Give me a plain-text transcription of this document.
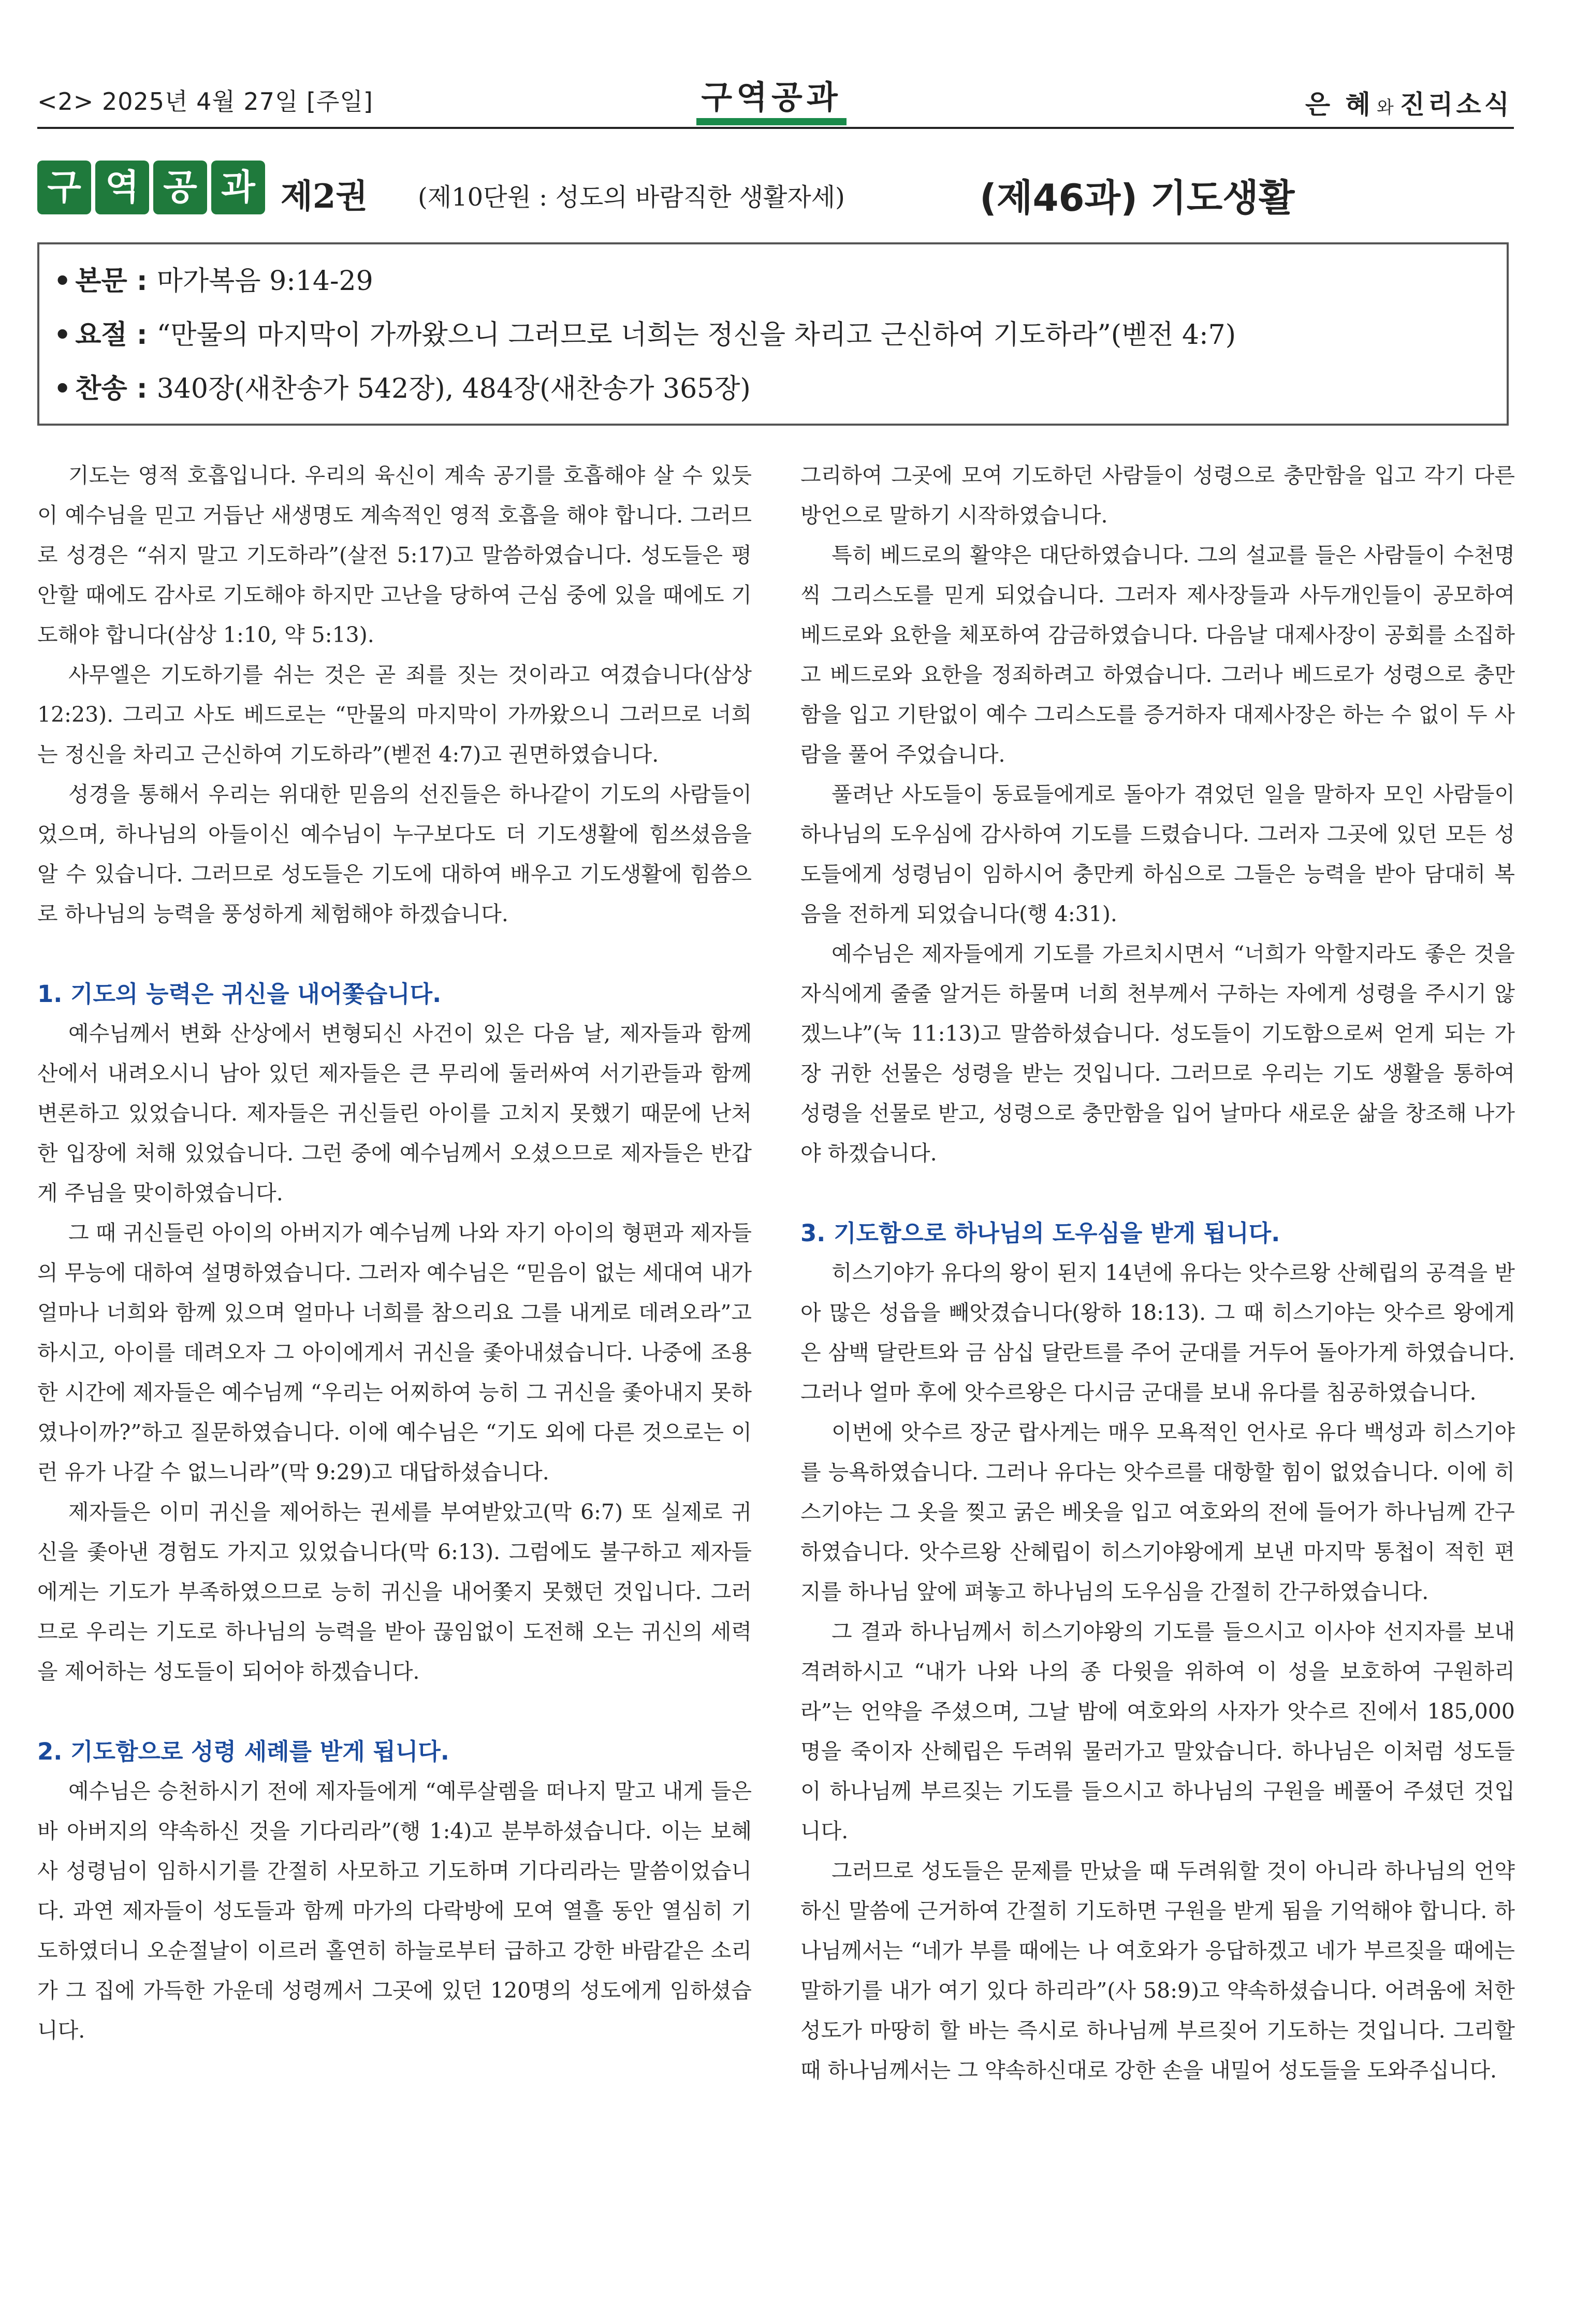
<2> 2025년 4월 27일 [주일]	구역공과	은 혜 와 진리소식
구 역 공 과 제2권 (제10단원 : 성도의 바람직한 생활자세)	(제46과) 기도생활
• 본문 : 마가복음 9:14-29
• 요절 : “만물의 마지막이 가까왔으니 그러므로 너희는 정신을 차리고 근신하여 기도하라”(벧전 4:7)
• 찬송 : 340장(새찬송가 542장), 484장(새찬송가 365장)

기도는 영적 호흡입니다. 우리의 육신이 계속 공기를 호흡해야 살 수 있듯이 예수님을 믿고 거듭난 새생명도 계속적인 영적 호흡을 해야 합니다. 그러므로 성경은 “쉬지 말고 기도하라”(살전 5:17)고 말씀하였습니다. 성도들은 평안할 때에도 감사로 기도해야 하지만 고난을 당하여 근심 중에 있을 때에도 기도해야 합니다(삼상 1:10, 약 5:13).

사무엘은 기도하기를 쉬는 것은 곧 죄를 짓는 것이라고 여겼습니다(삼상 12:23). 그리고 사도 베드로는 “만물의 마지막이 가까왔으니 그러므로 너희는 정신을 차리고 근신하여 기도하라”(벧전 4:7)고 권면하였습니다.

성경을 통해서 우리는 위대한 믿음의 선진들은 하나같이 기도의 사람들이었으며, 하나님의 아들이신 예수님이 누구보다도 더 기도생활에 힘쓰셨음을 알 수 있습니다. 그러므로 성도들은 기도에 대하여 배우고 기도생활에 힘씀으로 하나님의 능력을 풍성하게 체험해야 하겠습니다.

1. 기도의 능력은 귀신을 내어쫓습니다.

예수님께서 변화 산상에서 변형되신 사건이 있은 다음 날, 제자들과 함께 산에서 내려오시니 남아 있던 제자들은 큰 무리에 둘러싸여 서기관들과 함께 변론하고 있었습니다. 제자들은 귀신들린 아이를 고치지 못했기 때문에 난처한 입장에 처해 있었습니다. 그런 중에 예수님께서 오셨으므로 제자들은 반갑게 주님을 맞이하였습니다.

그 때 귀신들린 아이의 아버지가 예수님께 나와 자기 아이의 형편과 제자들의 무능에 대하여 설명하였습니다. 그러자 예수님은 “믿음이 없는 세대여 내가 얼마나 너희와 함께 있으며 얼마나 너희를 참으리요 그를 내게로 데려오라”고 하시고, 아이를 데려오자 그 아이에게서 귀신을 좇아내셨습니다. 나중에 조용한 시간에 제자들은 예수님께 “우리는 어찌하여 능히 그 귀신을 좇아내지 못하였나이까?”하고 질문하였습니다. 이에 예수님은 “기도 외에 다른 것으로는 이런 유가 나갈 수 없느니라”(막 9:29)고 대답하셨습니다.

제자들은 이미 귀신을 제어하는 권세를 부여받았고(막 6:7) 또 실제로 귀신을 좇아낸 경험도 가지고 있었습니다(막 6:13). 그럼에도 불구하고 제자들에게는 기도가 부족하였으므로 능히 귀신을 내어쫓지 못했던 것입니다. 그러므로 우리는 기도로 하나님의 능력을 받아 끊임없이 도전해 오는 귀신의 세력을 제어하는 성도들이 되어야 하겠습니다.

2. 기도함으로 성령 세례를 받게 됩니다.

예수님은 승천하시기 전에 제자들에게 “예루살렘을 떠나지 말고 내게 들은바 아버지의 약속하신 것을 기다리라”(행 1:4)고 분부하셨습니다. 이는 보혜사 성령님이 임하시기를 간절히 사모하고 기도하며 기다리라는 말씀이었습니다. 과연 제자들이 성도들과 함께 마가의 다락방에 모여 열흘 동안 열심히 기도하였더니 오순절날이 이르러 홀연히 하늘로부터 급하고 강한 바람같은 소리가 그 집에 가득한 가운데 성령께서 그곳에 있던 120명의 성도에게 임하셨습니다.

그리하여 그곳에 모여 기도하던 사람들이 성령으로 충만함을 입고 각기 다른 방언으로 말하기 시작하였습니다.

특히 베드로의 활약은 대단하였습니다. 그의 설교를 들은 사람들이 수천명씩 그리스도를 믿게 되었습니다. 그러자 제사장들과 사두개인들이 공모하여 베드로와 요한을 체포하여 감금하였습니다. 다음날 대제사장이 공회를 소집하고 베드로와 요한을 정죄하려고 하였습니다. 그러나 베드로가 성령으로 충만함을 입고 기탄없이 예수 그리스도를 증거하자 대제사장은 하는 수 없이 두 사람을 풀어 주었습니다.

풀려난 사도들이 동료들에게로 돌아가 겪었던 일을 말하자 모인 사람들이 하나님의 도우심에 감사하여 기도를 드렸습니다. 그러자 그곳에 있던 모든 성도들에게 성령님이 임하시어 충만케 하심으로 그들은 능력을 받아 담대히 복음을 전하게 되었습니다(행 4:31).

예수님은 제자들에게 기도를 가르치시면서 “너희가 악할지라도 좋은 것을 자식에게 줄줄 알거든 하물며 너희 천부께서 구하는 자에게 성령을 주시기 않겠느냐”(눅 11:13)고 말씀하셨습니다. 성도들이 기도함으로써 얻게 되는 가장 귀한 선물은 성령을 받는 것입니다. 그러므로 우리는 기도 생활을 통하여 성령을 선물로 받고, 성령으로 충만함을 입어 날마다 새로운 삶을 창조해 나가야 하겠습니다.

3. 기도함으로 하나님의 도우심을 받게 됩니다.

히스기야가 유다의 왕이 된지 14년에 유다는 앗수르왕 산헤립의 공격을 받아 많은 성읍을 빼앗겼습니다(왕하 18:13). 그 때 히스기야는 앗수르 왕에게 은 삼백 달란트와 금 삼십 달란트를 주어 군대를 거두어 돌아가게 하였습니다. 그러나 얼마 후에 앗수르왕은 다시금 군대를 보내 유다를 침공하였습니다.

이번에 앗수르 장군 랍사게는 매우 모욕적인 언사로 유다 백성과 히스기야를 능욕하였습니다. 그러나 유다는 앗수르를 대항할 힘이 없었습니다. 이에 히스기야는 그 옷을 찢고 굵은 베옷을 입고 여호와의 전에 들어가 하나님께 간구하였습니다. 앗수르왕 산헤립이 히스기야왕에게 보낸 마지막 통첩이 적힌 편지를 하나님 앞에 펴놓고 하나님의 도우심을 간절히 간구하였습니다.

그 결과 하나님께서 히스기야왕의 기도를 들으시고 이사야 선지자를 보내 격려하시고 “내가 나와 나의 종 다윗을 위하여 이 성을 보호하여 구원하리라”는 언약을 주셨으며, 그날 밤에 여호와의 사자가 앗수르 진에서 185,000명을 죽이자 산헤립은 두려워 물러가고 말았습니다. 하나님은 이처럼 성도들이 하나님께 부르짖는 기도를 들으시고 하나님의 구원을 베풀어 주셨던 것입니다.

그러므로 성도들은 문제를 만났을 때 두려워할 것이 아니라 하나님의 언약하신 말씀에 근거하여 간절히 기도하면 구원을 받게 됨을 기억해야 합니다. 하나님께서는 “네가 부를 때에는 나 여호와가 응답하겠고 네가 부르짖을 때에는 말하기를 내가 여기 있다 하리라”(사 58:9)고 약속하셨습니다. 어려움에 처한 성도가 마땅히 할 바는 즉시로 하나님께 부르짖어 기도하는 것입니다. 그리할 때 하나님께서는 그 약속하신대로 강한 손을 내밀어 성도들을 도와주십니다.
